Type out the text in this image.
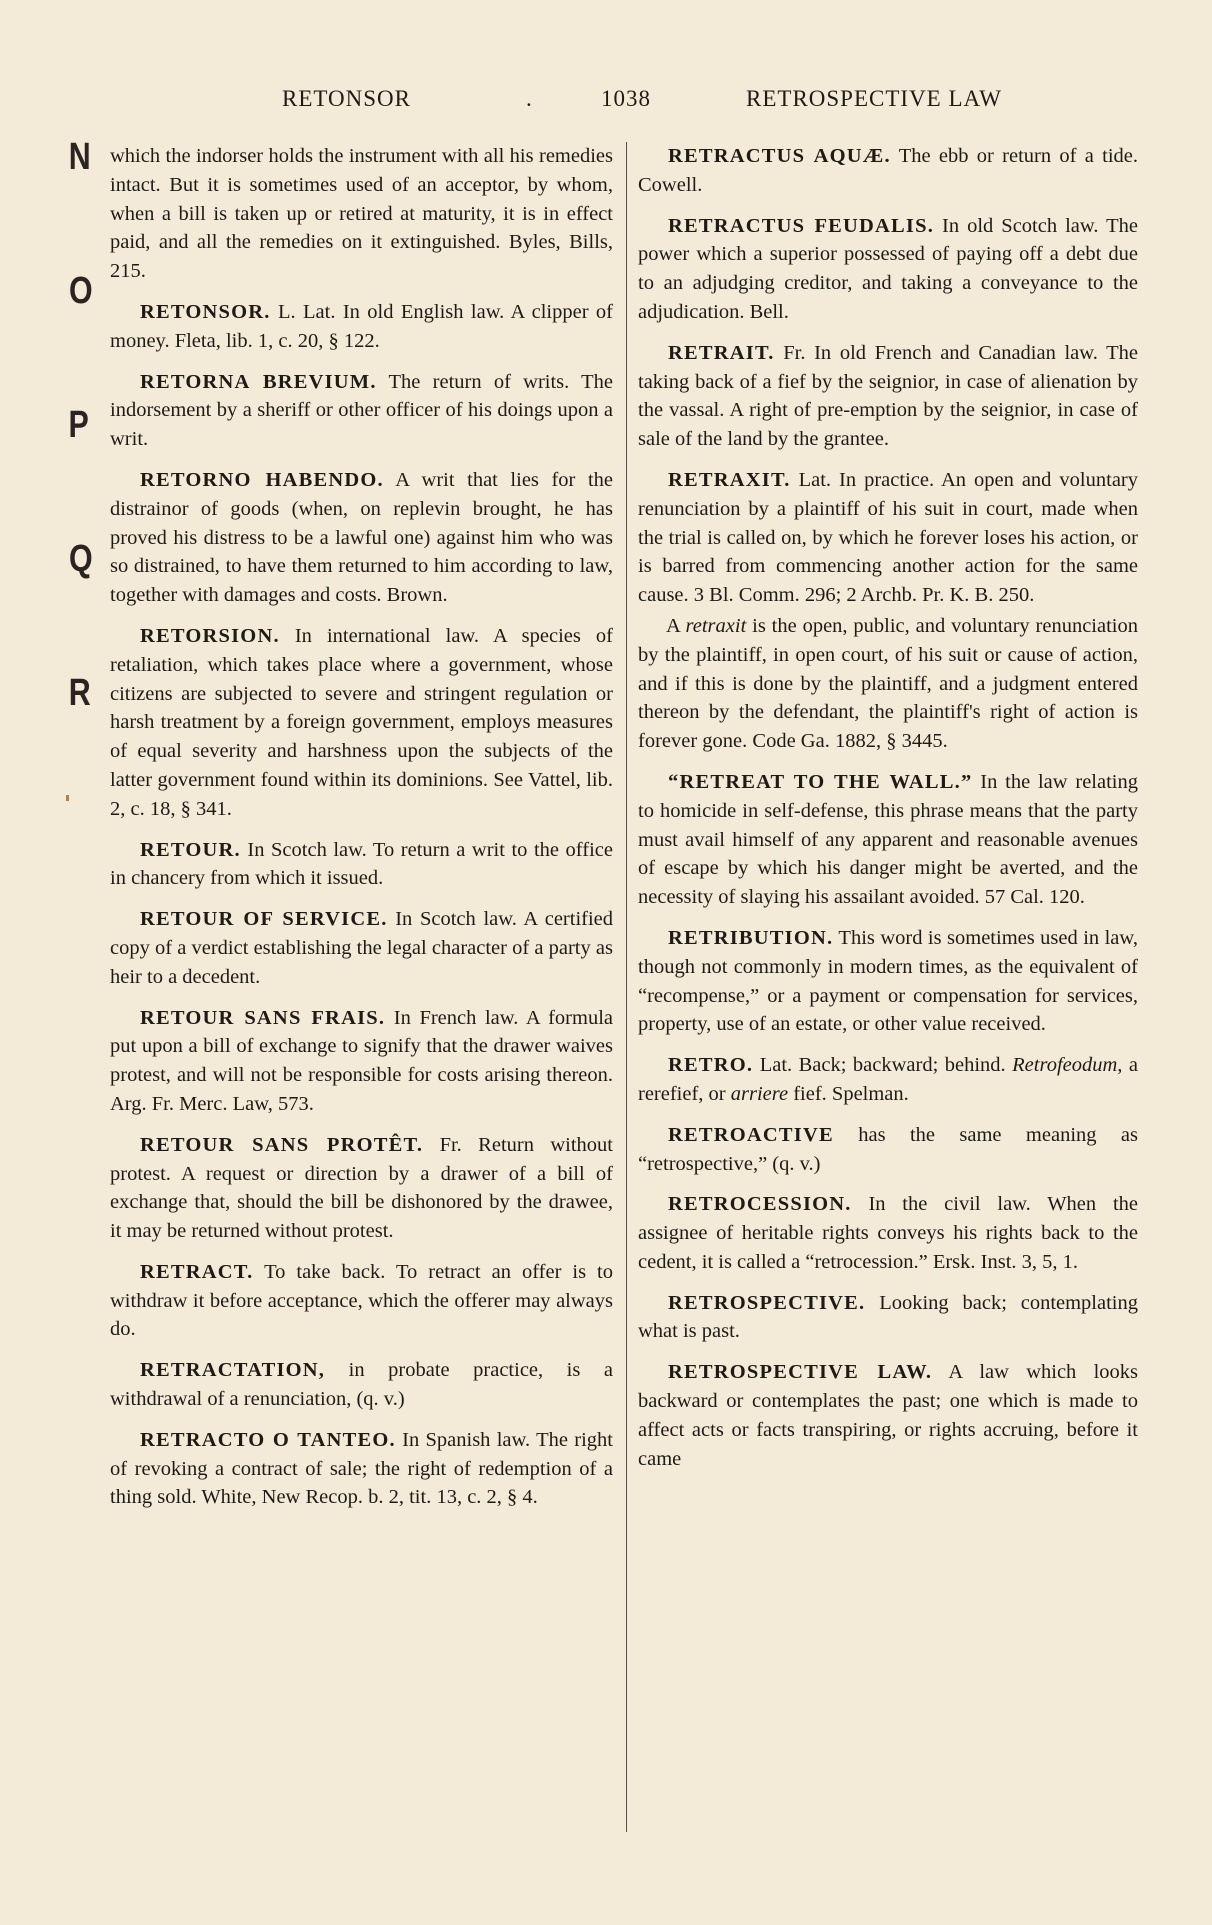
RETONSOR	.	1038	RETROSPECTIVE LAW
N
O
P
Q
R

which the indorser holds the instrument with all his remedies intact. But it is sometimes used of an acceptor, by whom, when a bill is taken up or retired at maturity, it is in effect paid, and all the remedies on it extinguished. Byles, Bills, 215.

RETONSOR. L. Lat. In old English law. A clipper of money. Fleta, lib. 1, c. 20, § 122.

RETORNA BREVIUM. The return of writs. The indorsement by a sheriff or other officer of his doings upon a writ.

RETORNO HABENDO. A writ that lies for the distrainor of goods (when, on replevin brought, he has proved his distress to be a lawful one) against him who was so distrained, to have them returned to him according to law, together with damages and costs. Brown.

RETORSION. In international law. A species of retaliation, which takes place where a government, whose citizens are subjected to severe and stringent regulation or harsh treatment by a foreign government, employs measures of equal severity and harshness upon the subjects of the latter government found within its dominions. See Vattel, lib. 2, c. 18, § 341.

RETOUR. In Scotch law. To return a writ to the office in chancery from which it issued.

RETOUR OF SERVICE. In Scotch law. A certified copy of a verdict establishing the legal character of a party as heir to a decedent.

RETOUR SANS FRAIS. In French law. A formula put upon a bill of exchange to signify that the drawer waives protest, and will not be responsible for costs arising thereon. Arg. Fr. Merc. Law, 573.

RETOUR SANS PROTÊT. Fr. Return without protest. A request or direction by a drawer of a bill of exchange that, should the bill be dishonored by the drawee, it may be returned without protest.

RETRACT. To take back. To retract an offer is to withdraw it before acceptance, which the offerer may always do.

RETRACTATION, in probate practice, is a withdrawal of a renunciation, (q. v.)

RETRACTO O TANTEO. In Spanish law. The right of revoking a contract of sale; the right of redemption of a thing sold. White, New Recop. b. 2, tit. 13, c. 2, § 4.

RETRACTUS AQUÆ. The ebb or return of a tide. Cowell.

RETRACTUS FEUDALIS. In old Scotch law. The power which a superior possessed of paying off a debt due to an adjudging creditor, and taking a conveyance to the adjudication. Bell.

RETRAIT. Fr. In old French and Canadian law. The taking back of a fief by the seignior, in case of alienation by the vassal. A right of pre-emption by the seignior, in case of sale of the land by the grantee.

RETRAXIT. Lat. In practice. An open and voluntary renunciation by a plaintiff of his suit in court, made when the trial is called on, by which he forever loses his action, or is barred from commencing another action for the same cause. 3 Bl. Comm. 296; 2 Archb. Pr. K. B. 250.

A retraxit is the open, public, and voluntary renunciation by the plaintiff, in open court, of his suit or cause of action, and if this is done by the plaintiff, and a judgment entered thereon by the defendant, the plaintiff's right of action is forever gone. Code Ga. 1882, § 3445.

“RETREAT TO THE WALL.” In the law relating to homicide in self-defense, this phrase means that the party must avail himself of any apparent and reasonable avenues of escape by which his danger might be averted, and the necessity of slaying his assailant avoided. 57 Cal. 120.

RETRIBUTION. This word is sometimes used in law, though not commonly in modern times, as the equivalent of “recompense,” or a payment or compensation for services, property, use of an estate, or other value received.

RETRO. Lat. Back; backward; behind. Retrofeodum, a rerefief, or arriere fief. Spelman.

RETROACTIVE has the same meaning as “retrospective,” (q. v.)

RETROCESSION. In the civil law. When the assignee of heritable rights conveys his rights back to the cedent, it is called a “retrocession.” Ersk. Inst. 3, 5, 1.

RETROSPECTIVE. Looking back; contemplating what is past.

RETROSPECTIVE LAW. A law which looks backward or contemplates the past; one which is made to affect acts or facts transpiring, or rights accruing, before it came
